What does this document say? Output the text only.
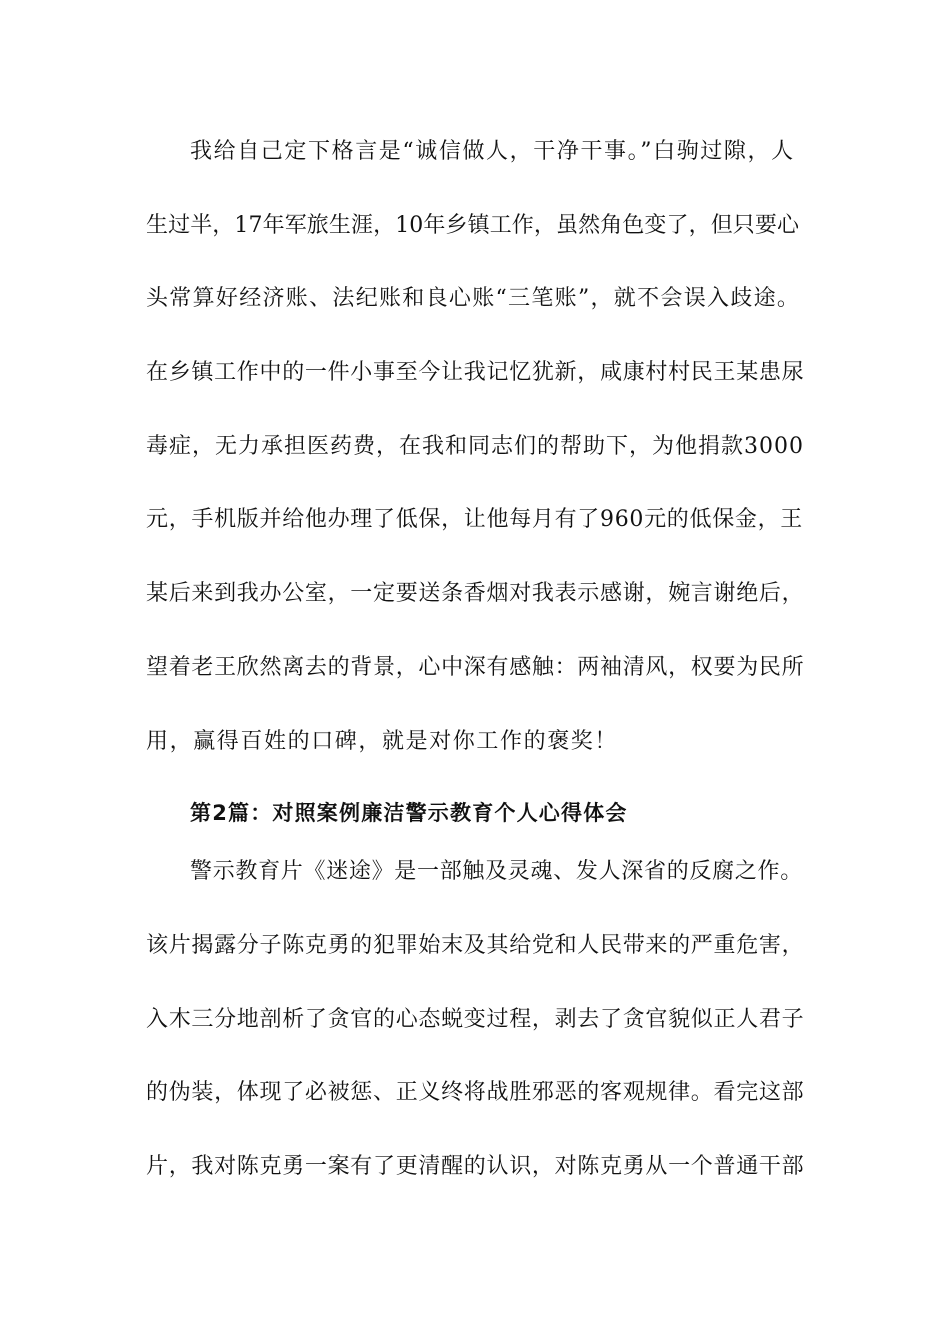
我给自己定下格言是“诚信做人，干净干事。”白驹过隙，人
生过半，17年军旅生涯，10年乡镇工作，虽然角色变了，但只要心
头常算好经济账、法纪账和良心账“三笔账”，就不会误入歧途。
在乡镇工作中的一件小事至今让我记忆犹新，咸康村村民王某患尿
毒症，无力承担医药费，在我和同志们的帮助下，为他捐款3000
元，手机版并给他办理了低保，让他每月有了960元的低保金，王
某后来到我办公室，一定要送条香烟对我表示感谢，婉言谢绝后，
望着老王欣然离去的背景，心中深有感触：两袖清风，权要为民所
用，赢得百姓的口碑，就是对你工作的褒奖！
第2篇：对照案例廉洁警示教育个人心得体会
警示教育片《迷途》是一部触及灵魂、发人深省的反腐之作。
该片揭露分子陈克勇的犯罪始末及其给党和人民带来的严重危害，
入木三分地剖析了贪官的心态蜕变过程，剥去了贪官貌似正人君子
的伪装，体现了必被惩、正义终将战胜邪恶的客观规律。看完这部
片，我对陈克勇一案有了更清醒的认识，对陈克勇从一个普通干部
